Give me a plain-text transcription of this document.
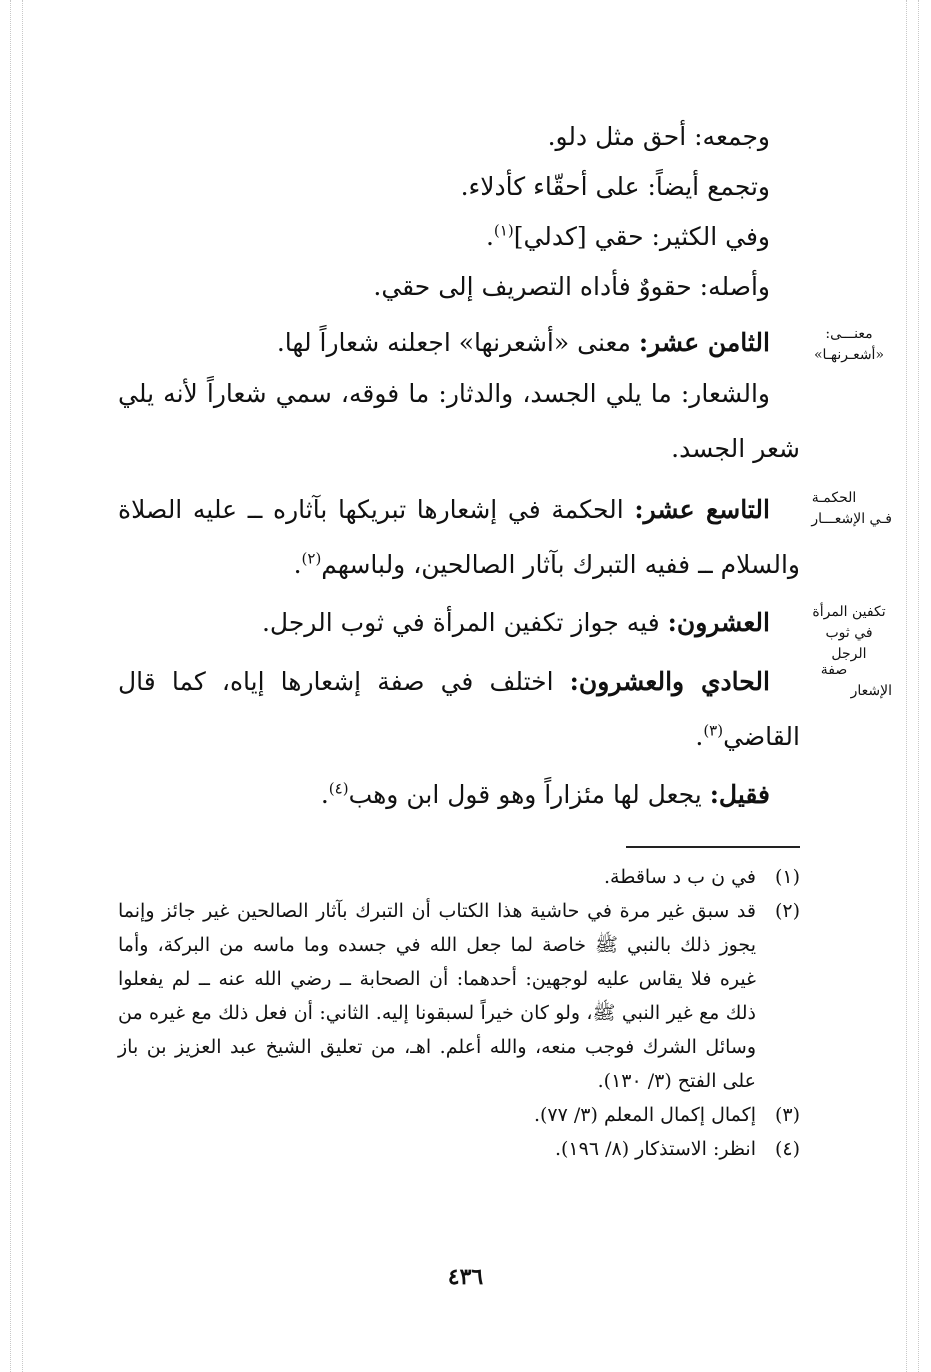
وجمعه: أحق مثل دلو.
وتجمع أيضاً: على أحقّاء كأدلاء.
وفي الكثير: حقي [كدلي]$^{(١)}$.
وأصله: حقووٌ فأداه التصريف إلى حقي.
معنـــى: «أشعـرنهـا»
الثامن عشر: معنى «أشعرنها» اجعلنه شعاراً لها.
والشعار: ما يلي الجسد، والدثار: ما فوقه، سمي شعاراً لأنه يلي شعر الجسد.
الحكمـة فـي الإشعـــار
التاسع عشر: الحكمة في إشعارها تبريكها بآثاره ــ عليه الصلاة والسلام ــ ففيه التبرك بآثار الصالحين، ولباسهم$^{(٢)}$.
تكفين المرأة في ثوب الرجل
العشرون: فيه جواز تكفين المرأة في ثوب الرجل.
صفة الإشعار
الحادي والعشرون: اختلف في صفة إشعارها إياه، كما قال القاضي$^{(٣)}$.
فقيل: يجعل لها مئزاراً وهو قول ابن وهب$^{(٤)}$.
(١)
في ن ب د ساقطة.
(٢)
قد سبق غير مرة في حاشية هذا الكتاب أن التبرك بآثار الصالحين غير جائز وإنما يجوز ذلك بالنبي ﷺ خاصة لما جعل الله في جسده وما ماسه من البركة، وأما غيره فلا يقاس عليه لوجهين: أحدهما: أن الصحابة ــ رضي الله عنه ــ لم يفعلوا ذلك مع غير النبي ﷺ، ولو كان خيراً لسبقونا إليه. الثاني: أن فعل ذلك مع غيره من وسائل الشرك فوجب منعه، والله أعلم. اهـ، من تعليق الشيخ عبد العزيز بن باز على الفتح (٣/ ١٣٠).
(٣)
إكمال إكمال المعلم (٣/ ٧٧).
(٤)
انظر: الاستذكار (٨/ ١٩٦).
٤٣٦
